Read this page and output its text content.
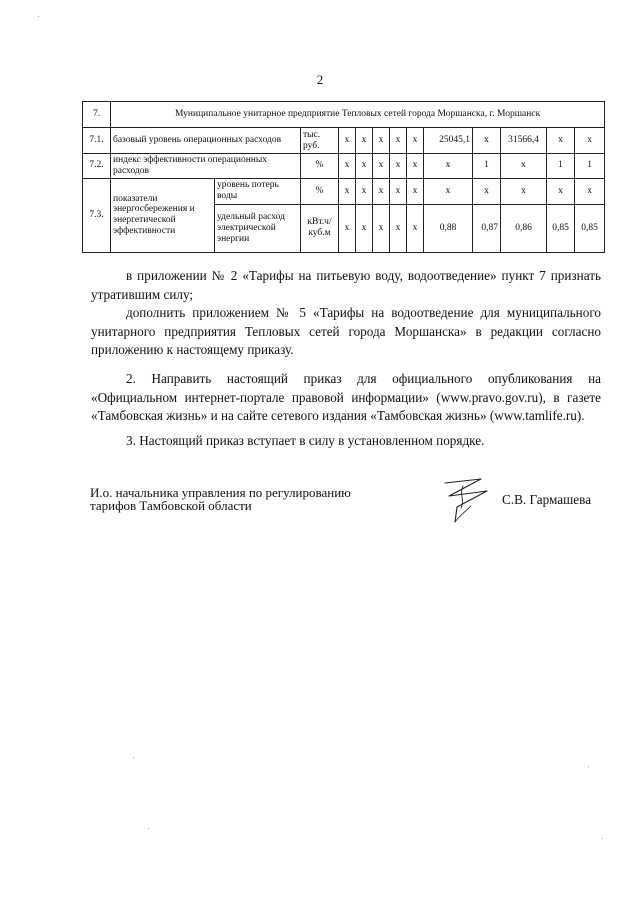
2
7.	Муниципальное унитарное предприятие Тепловых сетей города Моршанска, г. Моршанск												
7.1.	базовый уровень операционных расходов		тыс. руб.	х	х	х	х	х	25045,1	х	31566,4	х	х
7.2.	индекс эффективности операционных расходов		%	х	х	х	х	х	х	1	х	1	1
7.3.	показатели энергосбережения и энергетической эффективности	уровень потерь воды	%	х	х	х	х	х	х	х	х	х	х
		удельный расход электрической энергии	кВт.ч/ куб.м	х	х	х	х	х	0,88	0,87	0,86	0,85	0,85
в приложении № 2 «Тарифы на питьевую воду, водоотведение» пункт 7 признать утратившим силу;
дополнить приложением № 5 «Тарифы на водоотведение для муниципального унитарного предприятия Тепловых сетей города Моршанска» в редакции согласно приложению к настоящему приказу.
2. Направить настоящий приказ для официального опубликования на «Официальном интернет-портале правовой информации» (www.pravo.gov.ru), в газете «Тамбовская жизнь» и на сайте сетевого издания «Тамбовская жизнь» (www.tamlife.ru).
3. Настоящий приказ вступает в силу в установленном порядке.
И.о. начальника управления по регулированию
тарифов Тамбовской области	С.В. Гармашева
